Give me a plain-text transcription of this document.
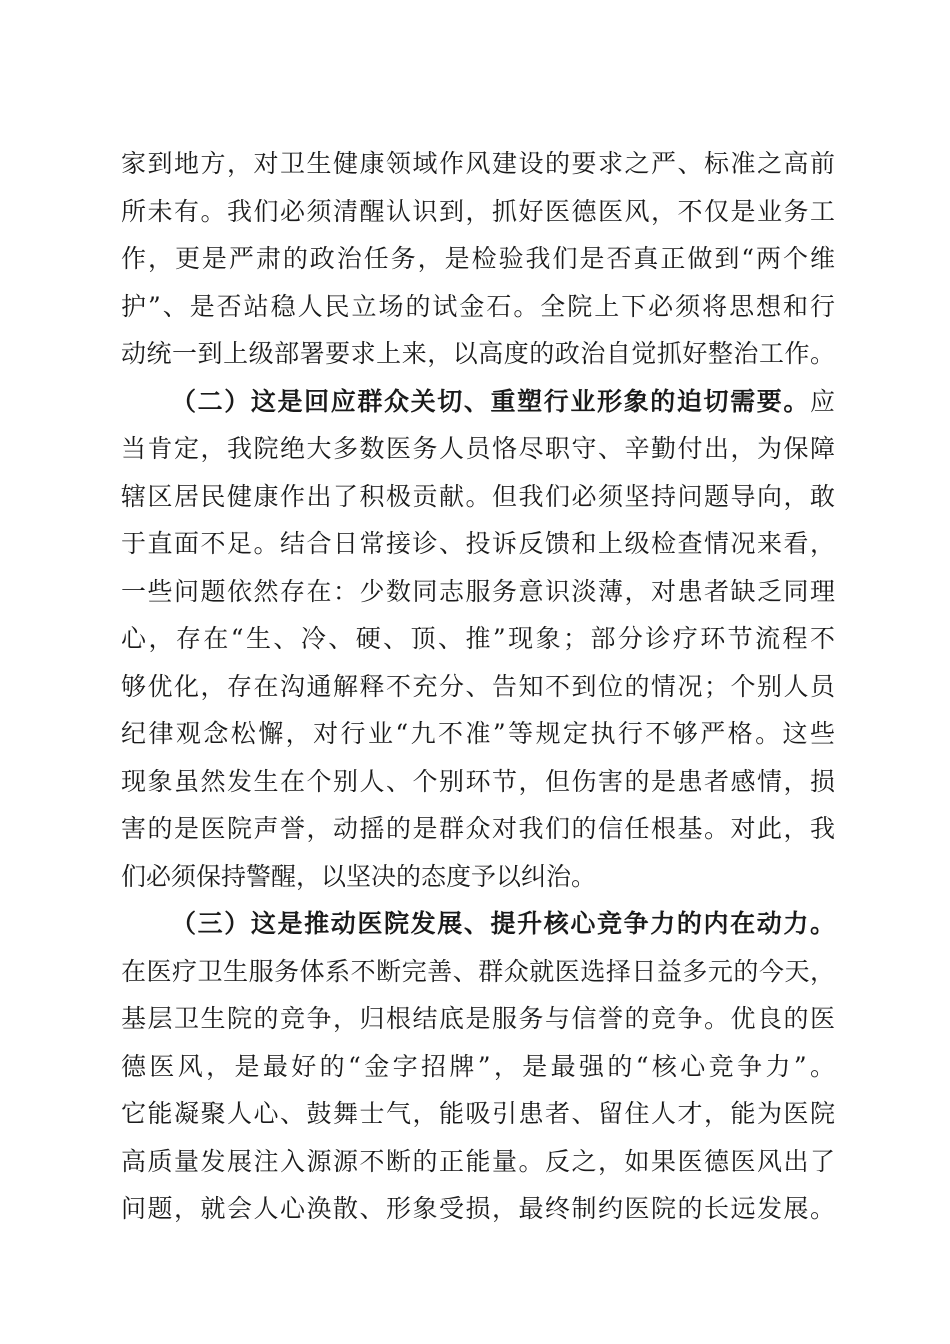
家到地方，对卫生健康领域作风建设的要求之严、标准之高前
所未有。我们必须清醒认识到，抓好医德医风，不仅是业务工
作，更是严肃的政治任务，是检验我们是否真正做到“两个维
护”、是否站稳人民立场的试金石。全院上下必须将思想和行
动统一到上级部署要求上来，以高度的政治自觉抓好整治工作。
（二）这是回应群众关切、重塑行业形象的迫切需要。应
当肯定，我院绝大多数医务人员恪尽职守、辛勤付出，为保障
辖区居民健康作出了积极贡献。但我们必须坚持问题导向，敢
于直面不足。结合日常接诊、投诉反馈和上级检查情况来看，
一些问题依然存在：少数同志服务意识淡薄，对患者缺乏同理
心，存在“生、冷、硬、顶、推”现象；部分诊疗环节流程不
够优化，存在沟通解释不充分、告知不到位的情况；个别人员
纪律观念松懈，对行业“九不准”等规定执行不够严格。这些
现象虽然发生在个别人、个别环节，但伤害的是患者感情，损
害的是医院声誉，动摇的是群众对我们的信任根基。对此，我
们必须保持警醒，以坚决的态度予以纠治。
（三）这是推动医院发展、提升核心竞争力的内在动力。
在医疗卫生服务体系不断完善、群众就医选择日益多元的今天，
基层卫生院的竞争，归根结底是服务与信誉的竞争。优良的医
德医风，是最好的“金字招牌”，是最强的“核心竞争力”。
它能凝聚人心、鼓舞士气，能吸引患者、留住人才，能为医院
高质量发展注入源源不断的正能量。反之，如果医德医风出了
问题，就会人心涣散、形象受损，最终制约医院的长远发展。
